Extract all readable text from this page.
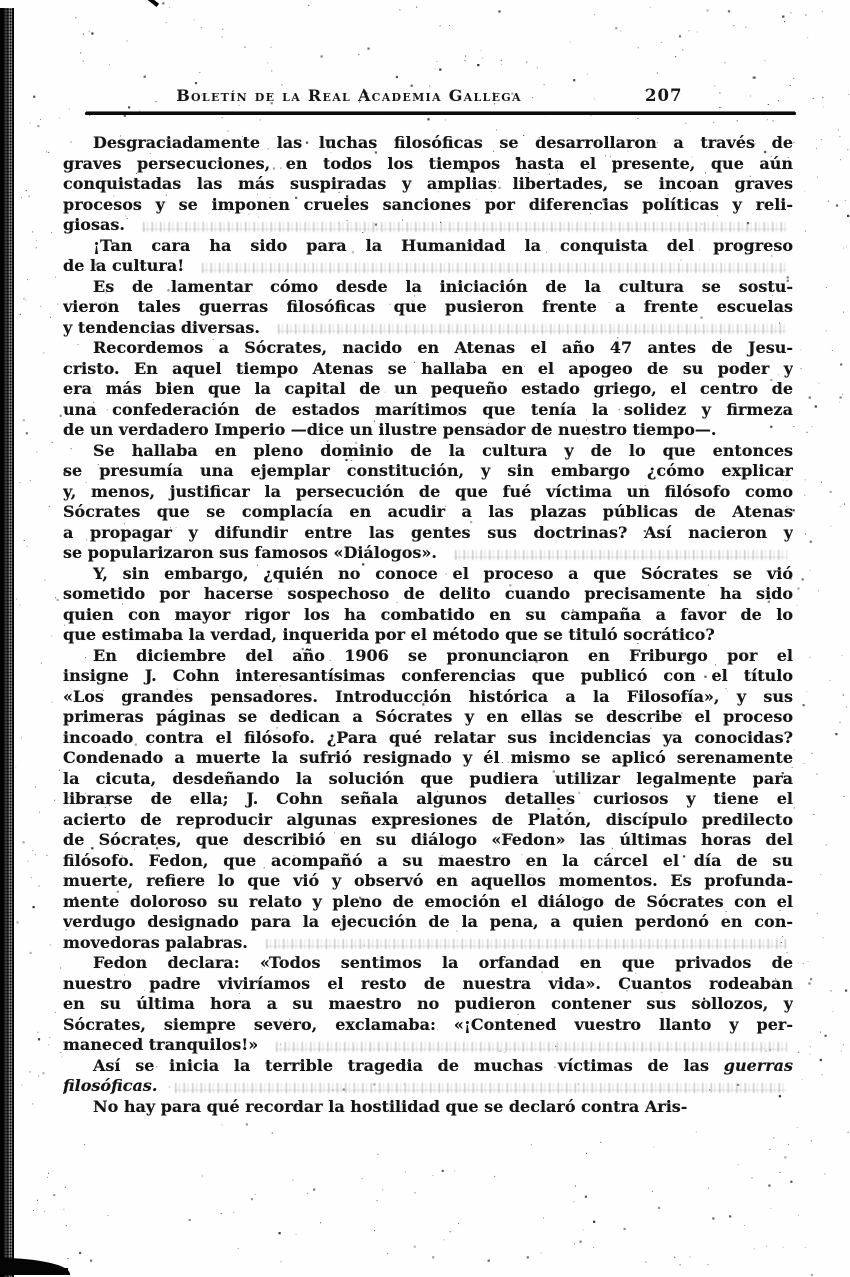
Boletín de la Real Academia Gallega	207
Desgraciadamente las luchas filosóficas se desarrollaron a través de
graves persecuciones, en todos los tiempos hasta el presente, que aún
conquistadas las más suspiradas y amplias libertades, se incoan graves
procesos y se imponen crueles sanciones por diferencias políticas y reli-
giosas.
¡Tan cara ha sido para la Humanidad la conquista del progreso
de la cultura!
Es de lamentar cómo desde la iniciación de la cultura se sostu-
vieron tales guerras filosóficas que pusieron frente a frente escuelas
y tendencias diversas.
Recordemos a Sócrates, nacido en Atenas el año 47 antes de Jesu-
cristo. En aquel tiempo Atenas se hallaba en el apogeo de su poder y
era más bien que la capital de un pequeño estado griego, el centro de
una confederación de estados marítimos que tenía la solidez y firmeza
de un verdadero Imperio —dice un ilustre pensador de nuestro tiempo—.
Se hallaba en pleno dominio de la cultura y de lo que entonces
se presumía una ejemplar constitución, y sin embargo ¿cómo explicar
y, menos, justificar la persecución de que fué víctima un filósofo como
Sócrates que se complacía en acudir a las plazas públicas de Atenas
a propagar y difundir entre las gentes sus doctrinas? Así nacieron y
se popularizaron sus famosos «Diálogos».
Y, sin embargo, ¿quién no conoce el proceso a que Sócrates se vió
sometido por hacerse sospechoso de delito cuando precisamente ha sido
quien con mayor rigor los ha combatido en su campaña a favor de lo
que estimaba la verdad, inquerida por el método que se tituló socrático?
En diciembre del año 1906 se pronunciaron en Friburgo por el
insigne J. Cohn interesantísimas conferencias que publicó con el título
«Los grandes pensadores. Introducción histórica a la Filosofía», y sus
primeras páginas se dedican a Sócrates y en ellas se describe el proceso
incoado contra el filósofo. ¿Para qué relatar sus incidencias ya conocidas?
Condenado a muerte la sufrió resignado y él mismo se aplicó serenamente
la cicuta, desdeñando la solución que pudiera utilizar legalmente para
librarse de ella; J. Cohn señala algunos detalles curiosos y tiene el
acierto de reproducir algunas expresiones de Platón, discípulo predilecto
de Sócrates, que describió en su diálogo «Fedon» las últimas horas del
filósofo. Fedon, que acompañó a su maestro en la cárcel el día de su
muerte, refiere lo que vió y observó en aquellos momentos. Es profunda-
mente doloroso su relato y pleno de emoción el diálogo de Sócrates con el
verdugo designado para la ejecución de la pena, a quien perdonó en con-
movedoras palabras.
Fedon declara: «Todos sentimos la orfandad en que privados de
nuestro padre viviríamos el resto de nuestra vida». Cuantos rodeaban
en su última hora a su maestro no pudieron contener sus sollozos, y
Sócrates, siempre severo, exclamaba: «¡Contened vuestro llanto y per-
maneced tranquilos!»
Así se inicia la terrible tragedia de muchas víctimas de las guerras
filosóficas.
No hay para qué recordar la hostilidad que se declaró contra Aris-
